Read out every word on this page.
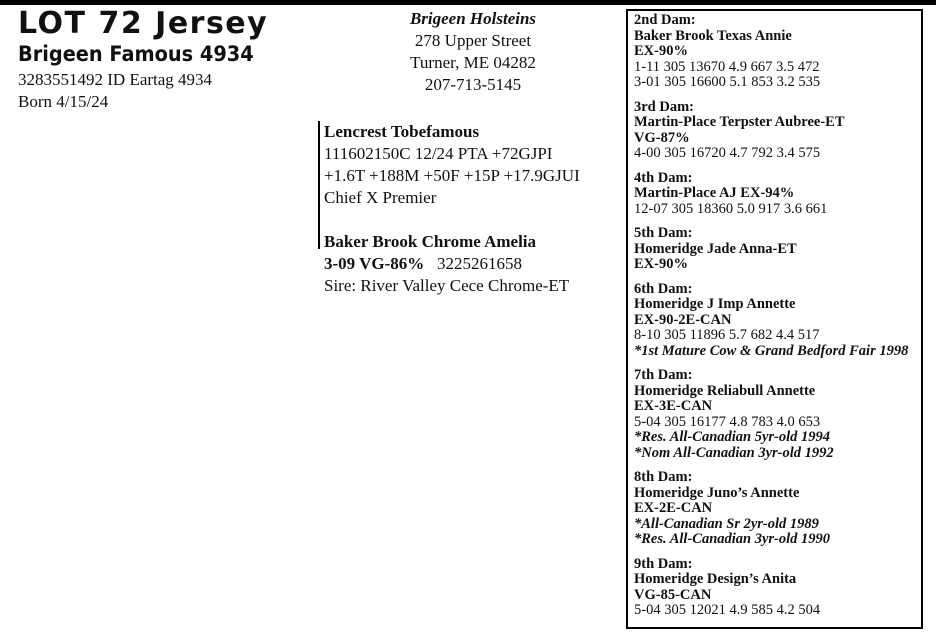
LOT 72 Jersey
Brigeen Famous 4934
3283551492 ID Eartag 4934
Born 4/15/24
Brigeen Holsteins
278 Upper Street
Turner, ME 04282
207-713-5145
Lencrest Tobefamous
111602150C 12/24 PTA +72GJPI
+1.6T +188M +50F +15P +17.9GJUI
Chief X Premier
Baker Brook Chrome Amelia
3-09 VG-86%   3225261658
Sire: River Valley Cece Chrome-ET
2nd Dam:
Baker Brook Texas Annie
EX-90%
1-11 305 13670 4.9 667 3.5 472
3-01 305 16600 5.1 853 3.2 535
3rd Dam:
Martin-Place Terpster Aubree-ET
VG-87%
4-00 305 16720 4.7 792 3.4 575
4th Dam:
Martin-Place AJ EX-94%
12-07 305 18360 5.0 917 3.6 661
5th Dam:
Homeridge Jade Anna-ET
EX-90%
6th Dam:
Homeridge J Imp Annette
EX-90-2E-CAN
8-10 305 11896 5.7 682 4.4 517
*1st Mature Cow & Grand Bedford Fair 1998
7th Dam:
Homeridge Reliabull Annette
EX-3E-CAN
5-04 305 16177 4.8 783 4.0 653
*Res. All-Canadian 5yr-old 1994
*Nom All-Canadian 3yr-old 1992
8th Dam:
Homeridge Juno’s Annette
EX-2E-CAN
*All-Canadian Sr 2yr-old 1989
*Res. All-Canadian 3yr-old 1990
9th Dam:
Homeridge Design’s Anita
VG-85-CAN
5-04 305 12021 4.9 585 4.2 504
